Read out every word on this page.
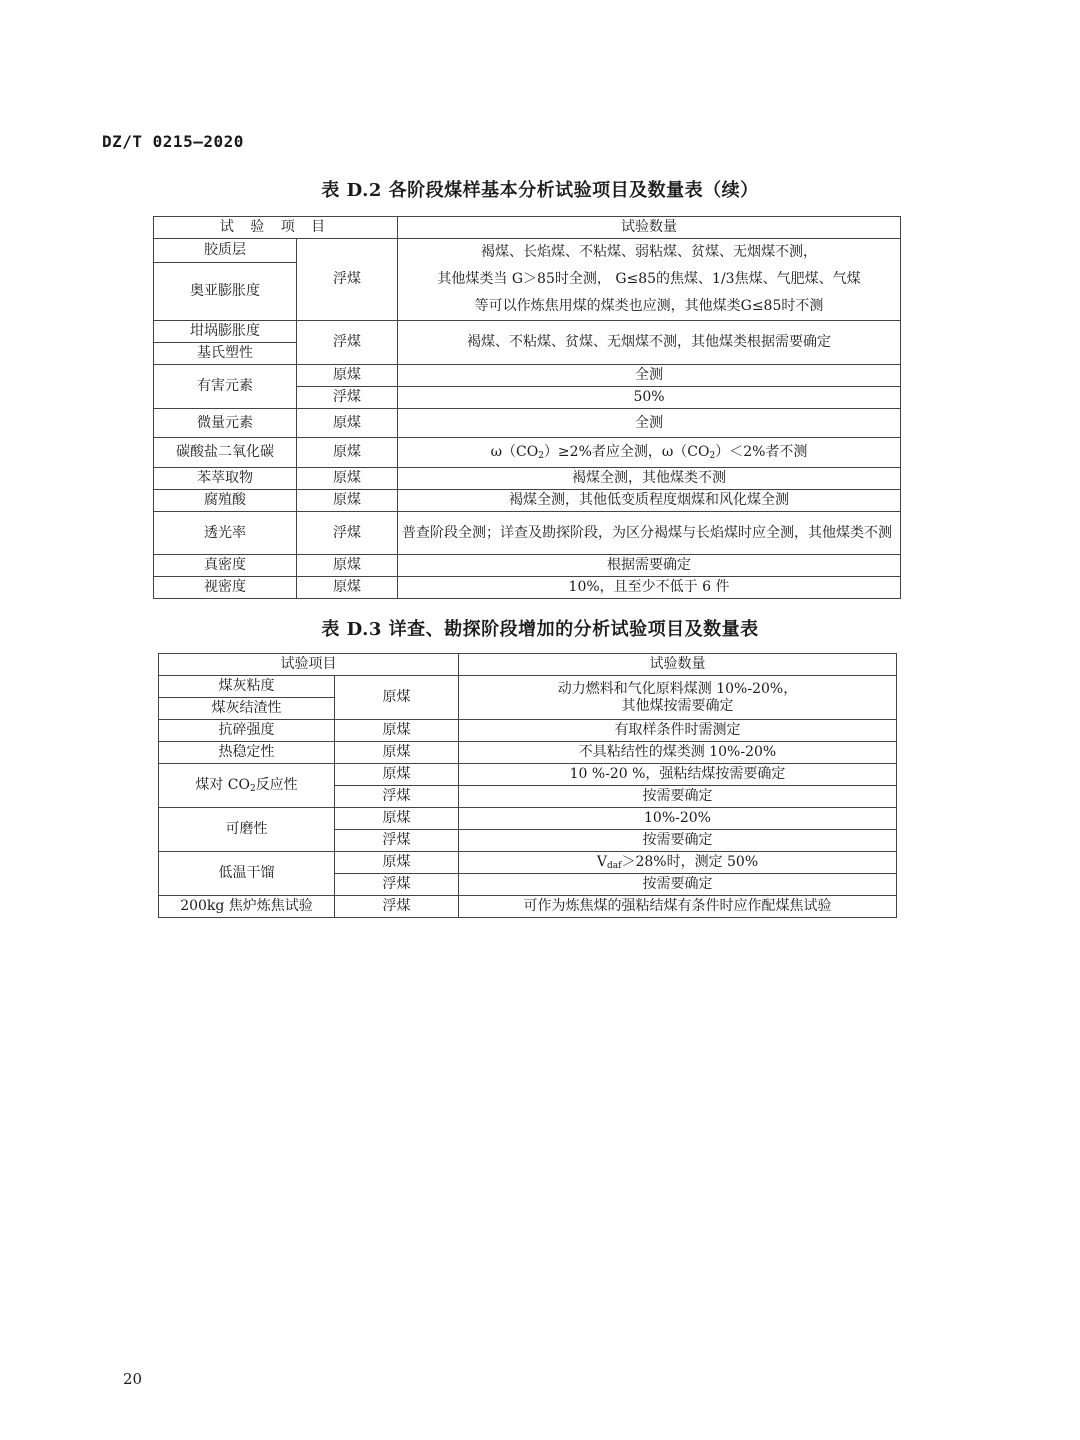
DZ/T 0215—2020
表 D.2 各阶段煤样基本分析试验项目及数量表（续）
试 验 项 目		试验数量
胶质层	浮煤	褐煤、长焰煤、不粘煤、弱粘煤、贫煤、无烟煤不测，
其他煤类当 G＞85时全测， G≤85的焦煤、1/3焦煤、气肥煤、气煤
等可以作炼焦用煤的煤类也应测，其他煤类G≤85时不测

奥亚膨胀度		
坩埚膨胀度	浮煤	褐煤、不粘煤、贫煤、无烟煤不测，其他煤类根据需要确定
基氏塑性		
有害元素	原煤	全测
	浮煤	50%
微量元素	原煤	全测
碳酸盐二氧化碳	原煤	$\omega(CO_2)\ge 2\%$者应全测，$\omega(CO_2)<2\%$者不测
苯萃取物	原煤	褐煤全测，其他煤类不测
腐殖酸	原煤	褐煤全测，其他低变质程度烟煤和风化煤全测
透光率	浮煤	普查阶段全测；详查及勘探阶段，为区分褐煤与长焰煤时应全测，其他煤类不测
真密度	原煤	根据需要确定
视密度	原煤	10%，且至少不低于 6 件
表 D.3 详查、勘探阶段增加的分析试验项目及数量表
试验项目		试验数量
煤灰粘度	原煤	动力燃料和气化原料煤测 10%-20%，
其他煤按需要确定

煤灰结渣性		
抗碎强度	原煤	有取样条件时需测定
热稳定性	原煤	不具粘结性的煤类测 10%-20%
煤对 $CO_2$反应性	原煤	10 %-20 %，强粘结煤按需要确定
	浮煤	按需要确定
可磨性	原煤	10%-20%
	浮煤	按需要确定
低温干馏	原煤	$V_{daf}>28\%$时，测定 50%
	浮煤	按需要确定
200kg 焦炉炼焦试验	浮煤	可作为炼焦煤的强粘结煤有条件时应作配煤焦试验
20
